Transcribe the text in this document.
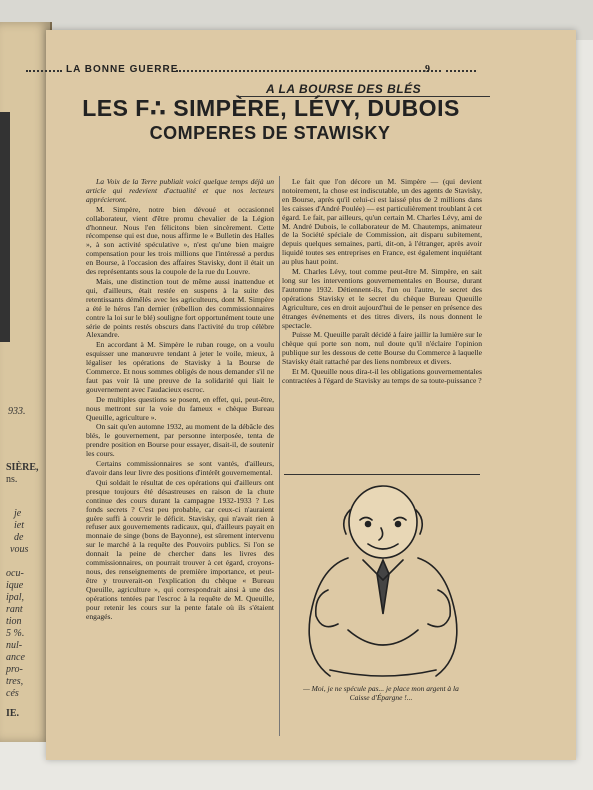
933.
SIÈRE,
ns.
je
iet
de
vous
ocu-
ique
ipal,
rant
tion
5 %.
nul-
ance
pro-
tres,
cés
IE.
LA BONNE GUERRE	9
A LA BOURSE DES BLÉS
LES F∴ SIMPÈRE, LÉVY, DUBOIS
COMPERES DE STAWISKY

La Voix de la Terre publiait voici quelque temps déjà un article qui redevient d'actualité et que nos lecteurs apprécieront.

M. Simpère, notre bien dévoué et occasionnel collaborateur, vient d'être promu chevalier de la Légion d'honneur. Nous l'en félicitons bien sincèrement. Cette récompense qui est due, nous affirme le « Bulletin des Halles », à son activité spéculative », n'est qu'une bien maigre compensation pour les trois millions que l'intéressé a perdus en Bourse, à l'occasion des affaires Stavisky, dont il était un des représentants sous la coupole de la rue du Louvre.

Mais, une distinction tout de même aussi inattendue et qui, d'ailleurs, était restée en suspens à la suite des retentissants démêlés avec les agriculteurs, dont M. Simpère a été le héros l'an dernier (rébellion des commissionnaires contre la loi sur le blé) souligne fort opportunément toute une série de points restés obscurs dans l'activité du trop célèbre Alexandre.

En accordant à M. Simpère le ruban rouge, on a voulu esquisser une manœuvre tendant à jeter le voile, mieux, à légaliser les opérations de Stavisky à la Bourse de Commerce. Et nous sommes obligés de nous demander s'il ne faut pas voir là une preuve de la solidarité qui liait le gouvernement avec l'audacieux escroc.

De multiples questions se posent, en effet, qui, peut-être, nous mettront sur la voie du fameux « chèque Bureau Queuille, agriculture ».

On sait qu'en automne 1932, au moment de la débâcle des blés, le gouvernement, par personne interposée, tenta de prendre position en Bourse pour essayer, disait-il, de soutenir les cours.

Certains commissionnaires se sont vantés, d'ailleurs, d'avoir dans leur livre des positions d'intérêt gouvernemental.

Qui soldait le résultat de ces opérations qui d'ailleurs ont presque toujours été désastreuses en raison de la chute continue des cours durant la campagne 1932-1933 ? Les fonds secrets ? C'est peu probable, car ceux-ci n'auraient guère suffi à couvrir le déficit. Stavisky, qui n'avait rien à refuser aux gouvernements radicaux, qui, d'ailleurs payait en monnaie de singe (bons de Bayonne), est sûrement intervenu sur le marché à la requête des Pouvoirs publics. Si l'on se donnait la peine de chercher dans les livres des commissionnaires, on pourrait trouver à cet égard, croyons-nous, des renseignements de première importance, et peut-être y trouverait-on l'explication du chèque « Bureau Queuille, agriculture », qui correspondrait ainsi à une des opérations tentées par l'escroc à la requête de M. Queuille, pour retenir les cours sur la pente fatale où ils s'étaient engagés.

Le fait que l'on décore un M. Simpère — (qui devient notoirement, la chose est indiscutable, un des agents de Stavisky, en Bourse, après qu'il celui-ci est laissé plus de 2 millions dans les caisses d'André Poulée) — est particulièrement troublant à cet égard. Le fait, par ailleurs, qu'un certain M. Charles Lévy, ami de M. André Dubois, le collaborateur de M. Chautemps, animateur de la Société spéciale de Commission, ait disparu subitement, depuis quelques semaines, parti, dit-on, à l'étranger, après avoir liquidé toutes ses entreprises en France, est également inquiétant au plus haut point.

M. Charles Lévy, tout comme peut-être M. Simpère, en sait long sur les interventions gouvernementales en Bourse, durant l'automne 1932. Détiennent-ils, l'un ou l'autre, le secret des opérations Stavisky et le secret du chèque Bureau Queuille Agriculture, ces en droit aujourd'hui de le penser en présence des étranges événements et des titres divers, ils nous donnent le spectacle.

Puisse M. Queuille paraît décidé à faire jaillir la lumière sur le chèque qui porte son nom, nul doute qu'il n'éclaire l'opinion publique sur les dessous de cette Bourse du Commerce à laquelle Stavisky était rattaché par des liens nombreux et divers.

Et M. Queuille nous dira-t-il les obligations gouvernementales contractées à l'égard de Stavisky au temps de sa toute-puissance ?

— Moi, je ne spécule pas... je place mon argent à la Caisse d'Épargne !...
